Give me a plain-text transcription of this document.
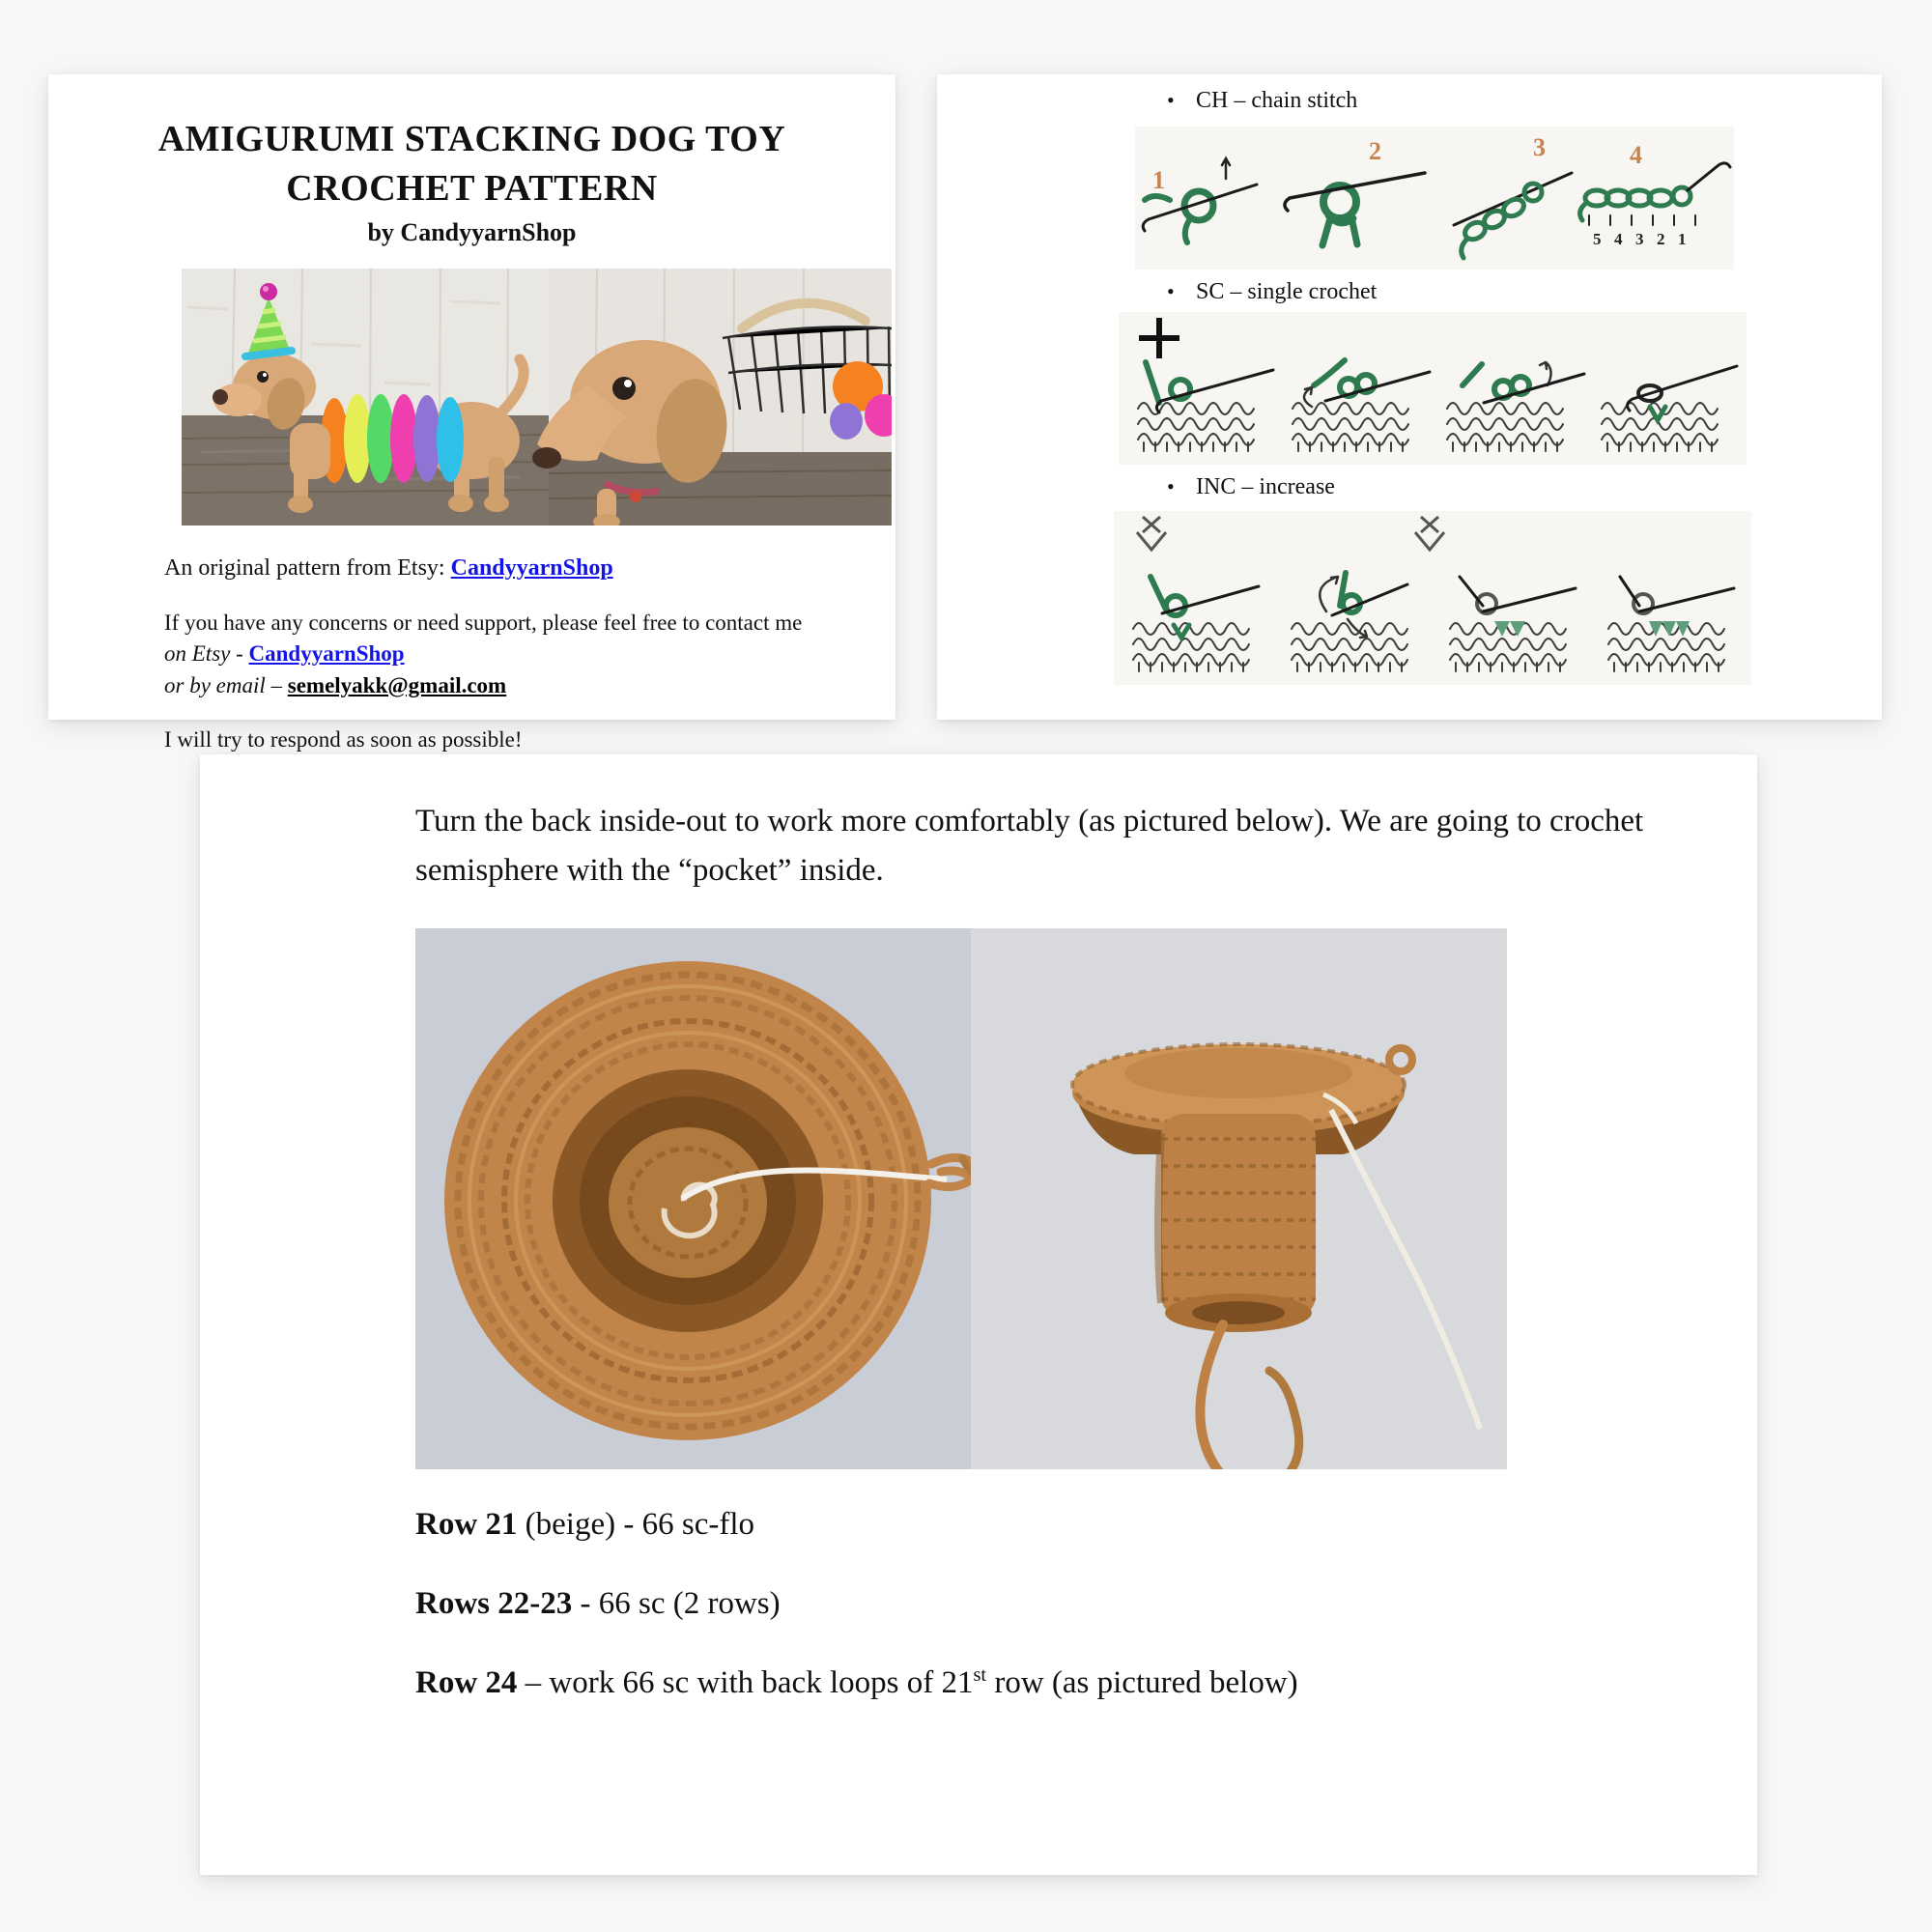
AMIGURUMI STACKING DOG TOY
CROCHET PATTERN
by CandyyarnShop
An original pattern from Etsy: CandyyarnShop
If you have any concerns or need support, please feel free to contact me
on Etsy - CandyyarnShop
or by email – semelyakk@gmail.com
I will try to respond as soon as possible!
• CH – chain stitch
1
2	3	4
5 4 3 2 1
• SC – single crochet
• INC – increase
Turn the back inside-out to work more comfortably (as pictured below). We are going to crochet semisphere with the “pocket” inside.
Row 21 (beige) - 66 sc-flo
Rows 22-23 - 66 sc (2 rows)
Row 24 – work 66 sc with back loops of 21st row (as pictured below)
